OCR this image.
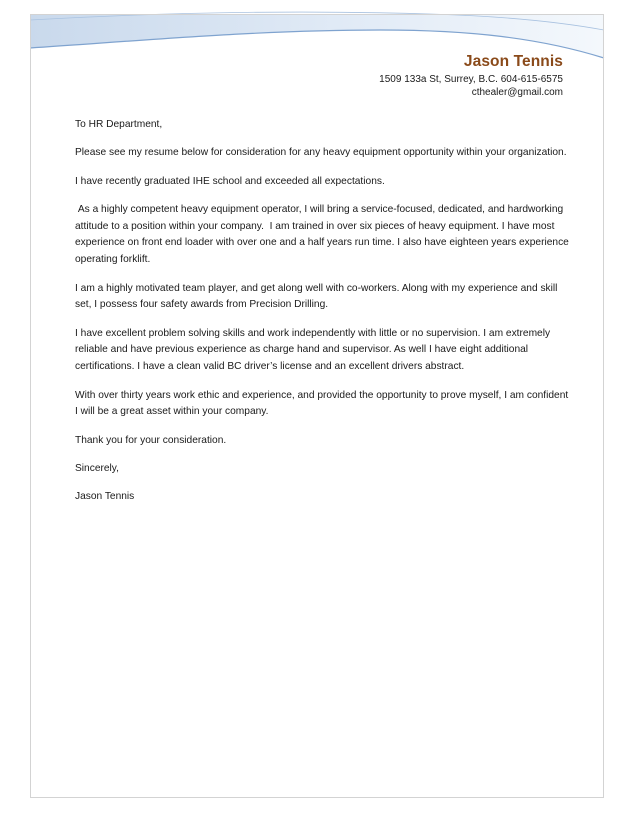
Jason Tennis
1509 133a St, Surrey, B.C. 604-615-6575
cthealer@gmail.com

To HR Department,

Please see my resume below for consideration for any heavy equipment opportunity within your organization.

I have recently graduated IHE school and exceeded all expectations.

As a highly competent heavy equipment operator, I will bring a service-focused, dedicated, and hardworking attitude to a position within your company.  I am trained in over six pieces of heavy equipment. I have most experience on front end loader with over one and a half years run time. I also have eighteen years experience operating forklift.

I am a highly motivated team player, and get along well with co-workers. Along with my experience and skill set, I possess four safety awards from Precision Drilling.

I have excellent problem solving skills and work independently with little or no supervision. I am extremely reliable and have previous experience as charge hand and supervisor. As well I have eight additional certifications. I have a clean valid BC driver’s license and an excellent drivers abstract.

With over thirty years work ethic and experience, and provided the opportunity to prove myself, I am confident I will be a great asset within your company.

Thank you for your consideration.

Sincerely,

Jason Tennis
